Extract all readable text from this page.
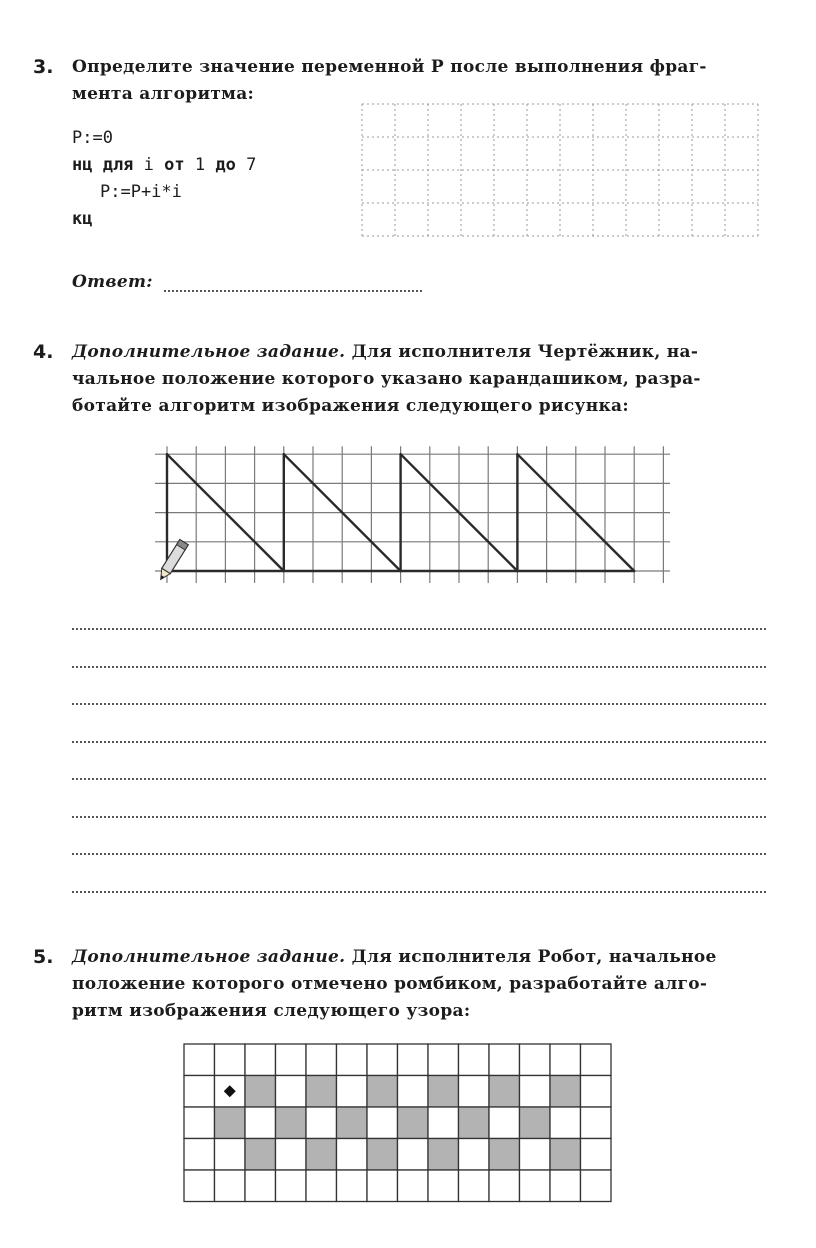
3. Определите значение переменной P после выполнения фраг-
мента алгоритма:
P:=0
нц для i от 1 до 7
P:=P+i*i
кц
Ответ:
4. Дополнительное задание. Для исполнителя Чертёжник, на-
чальное положение которого указано карандашиком, разра-
ботайте алгоритм изображения следующего рисунка:
5. Дополнительное задание. Для исполнителя Робот, начальное
положение которого отмечено ромбиком, разработайте алго-
ритм изображения следующего узора:
